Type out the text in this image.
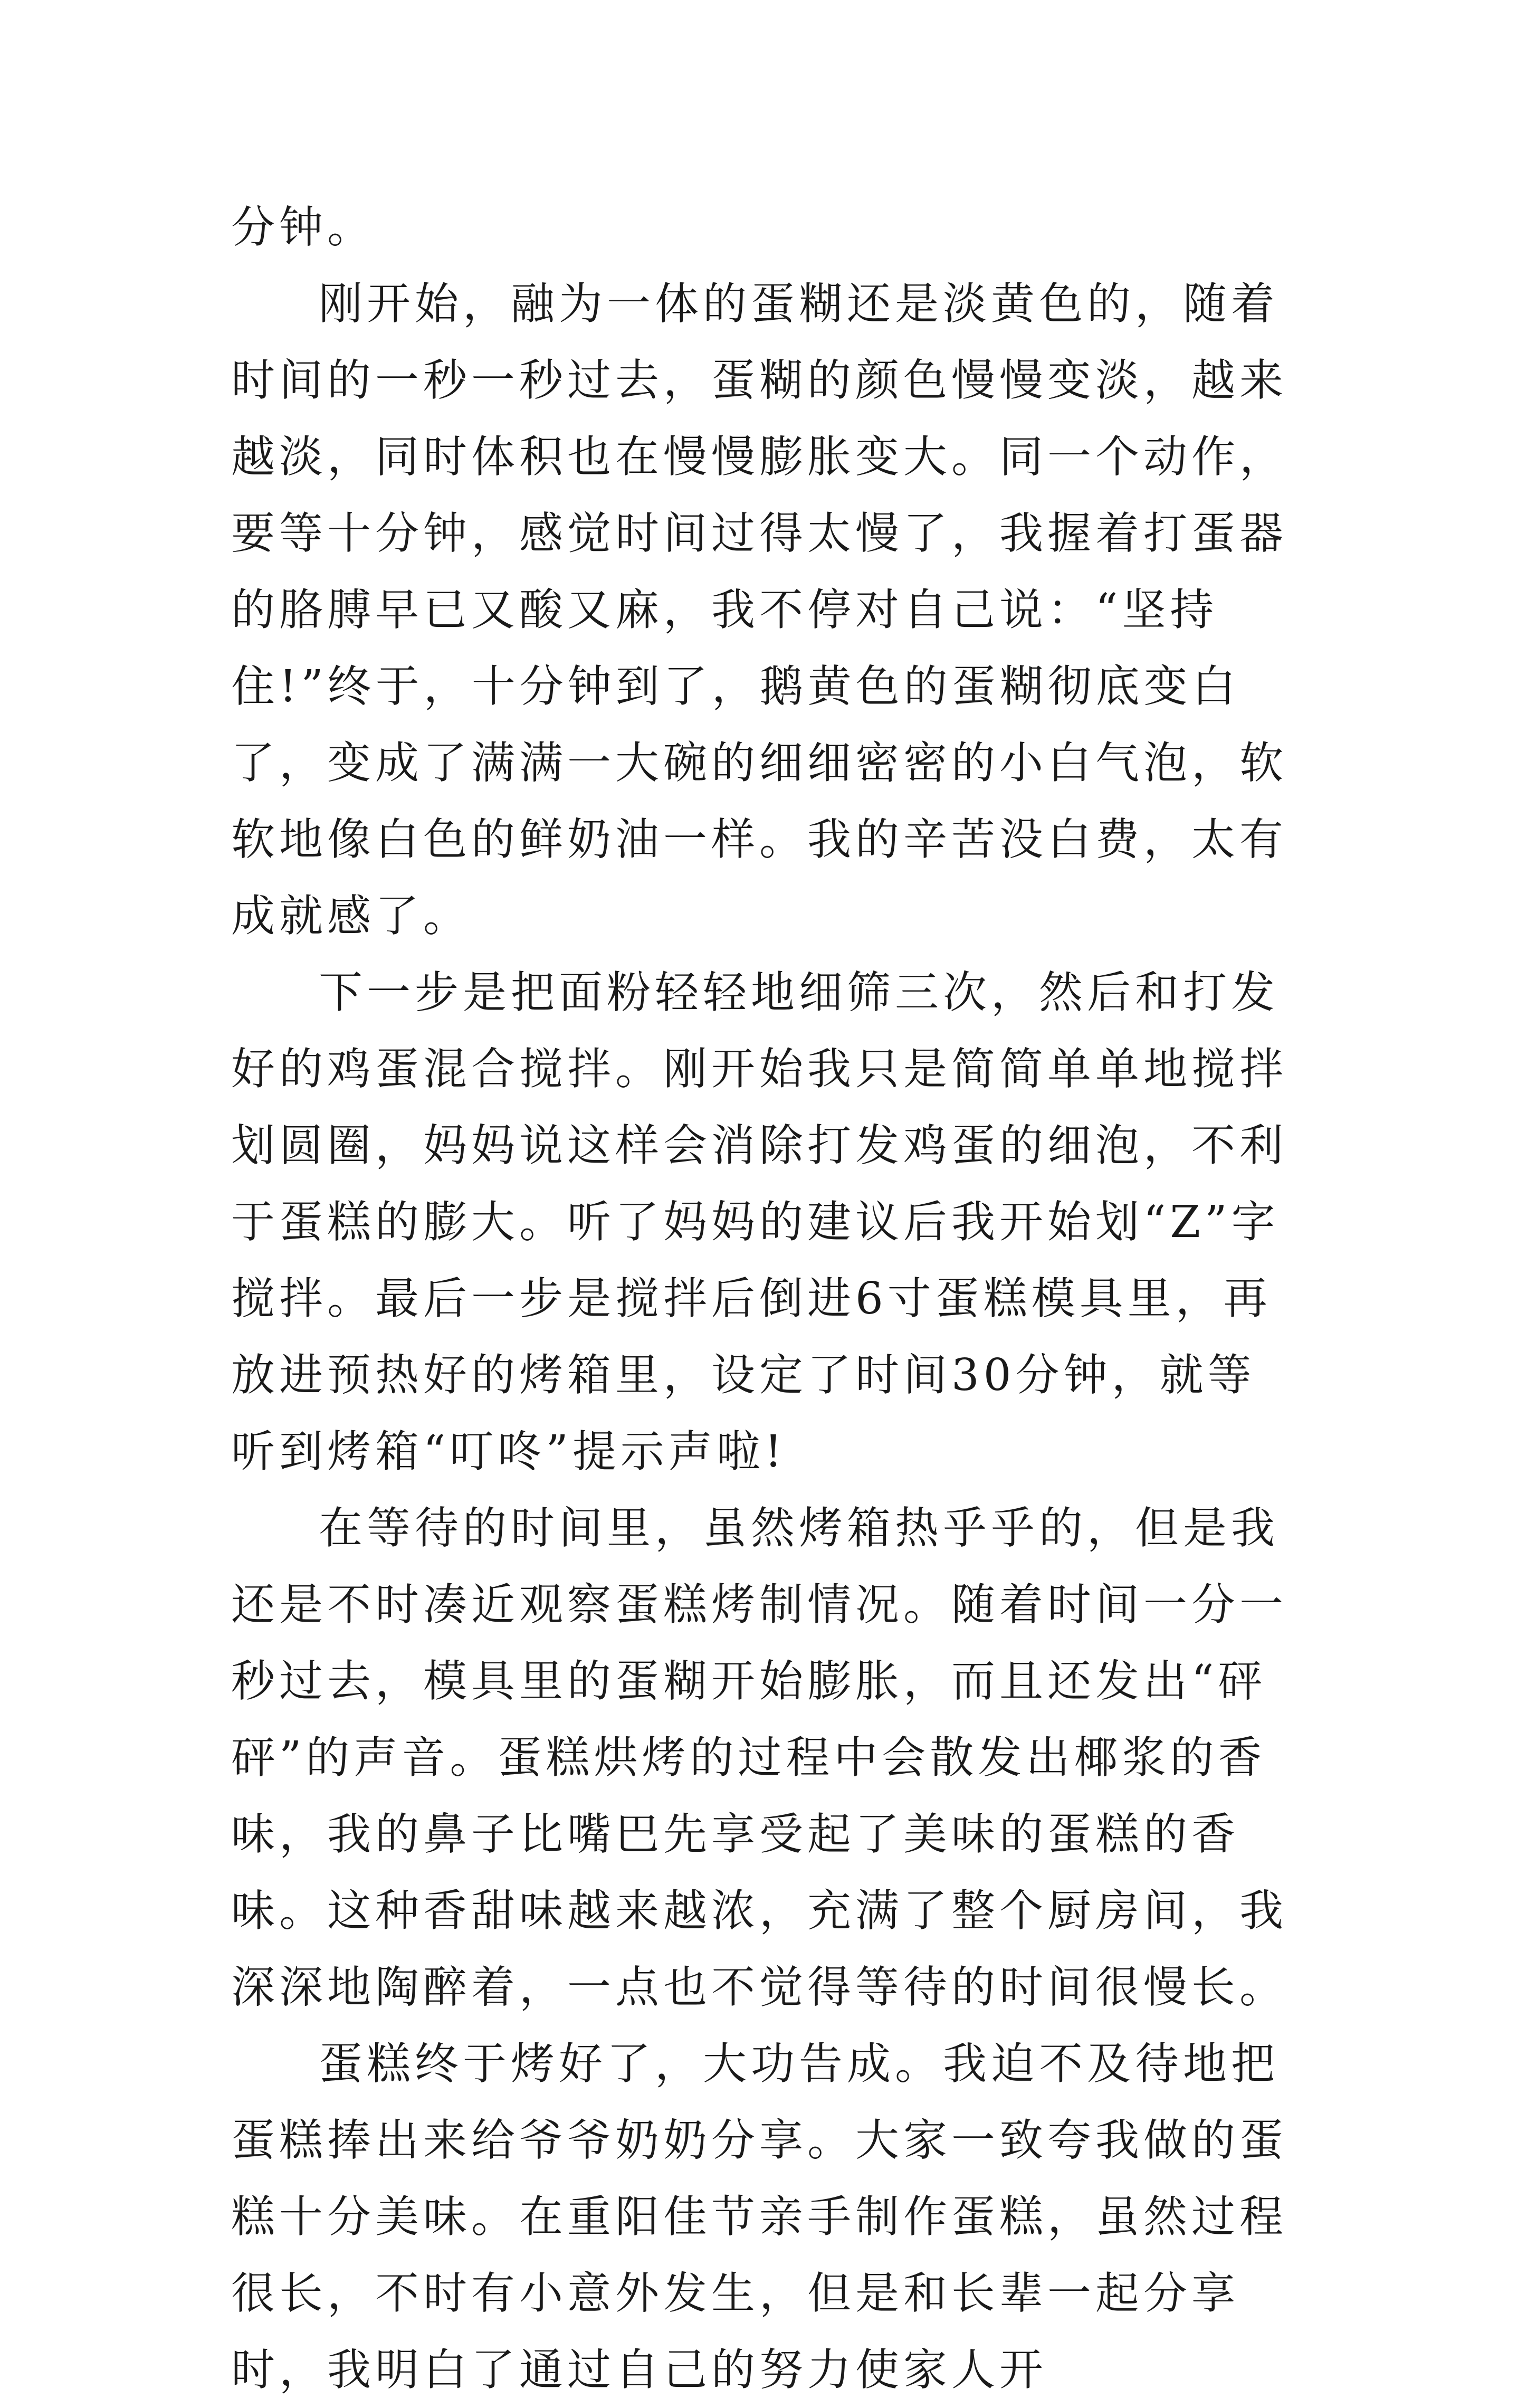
分钟。

刚开始，融为一体的蛋糊还是淡黄色的，随着时间的一秒一秒过去，蛋糊的颜色慢慢变淡，越来越淡，同时体积也在慢慢膨胀变大。同一个动作，要等十分钟，感觉时间过得太慢了，我握着打蛋器的胳膊早已又酸又麻，我不停对自己说：“坚持住!”终于，十分钟到了，鹅黄色的蛋糊彻底变白了，变成了满满一大碗的细细密密的小白气泡，软软地像白色的鲜奶油一样。我的辛苦没白费，太有成就感了。

下一步是把面粉轻轻地细筛三次，然后和打发好的鸡蛋混合搅拌。刚开始我只是简简单单地搅拌划圆圈，妈妈说这样会消除打发鸡蛋的细泡，不利于蛋糕的膨大。听了妈妈的建议后我开始划“Z”字搅拌。最后一步是搅拌后倒进6寸蛋糕模具里，再放进预热好的烤箱里，设定了时间30分钟，就等听到烤箱“叮咚”提示声啦!

在等待的时间里，虽然烤箱热乎乎的，但是我还是不时凑近观察蛋糕烤制情况。随着时间一分一秒过去，模具里的蛋糊开始膨胀，而且还发出“砰砰”的声音。蛋糕烘烤的过程中会散发出椰浆的香味，我的鼻子比嘴巴先享受起了美味的蛋糕的香味。这种香甜味越来越浓，充满了整个厨房间，我深深地陶醉着，一点也不觉得等待的时间很慢长。

蛋糕终于烤好了，大功告成。我迫不及待地把蛋糕捧出来给爷爷奶奶分享。大家一致夸我做的蛋糕十分美味。在重阳佳节亲手制作蛋糕，虽然过程很长，不时有小意外发生，但是和长辈一起分享时，我明白了通过自己的努力使家人开
